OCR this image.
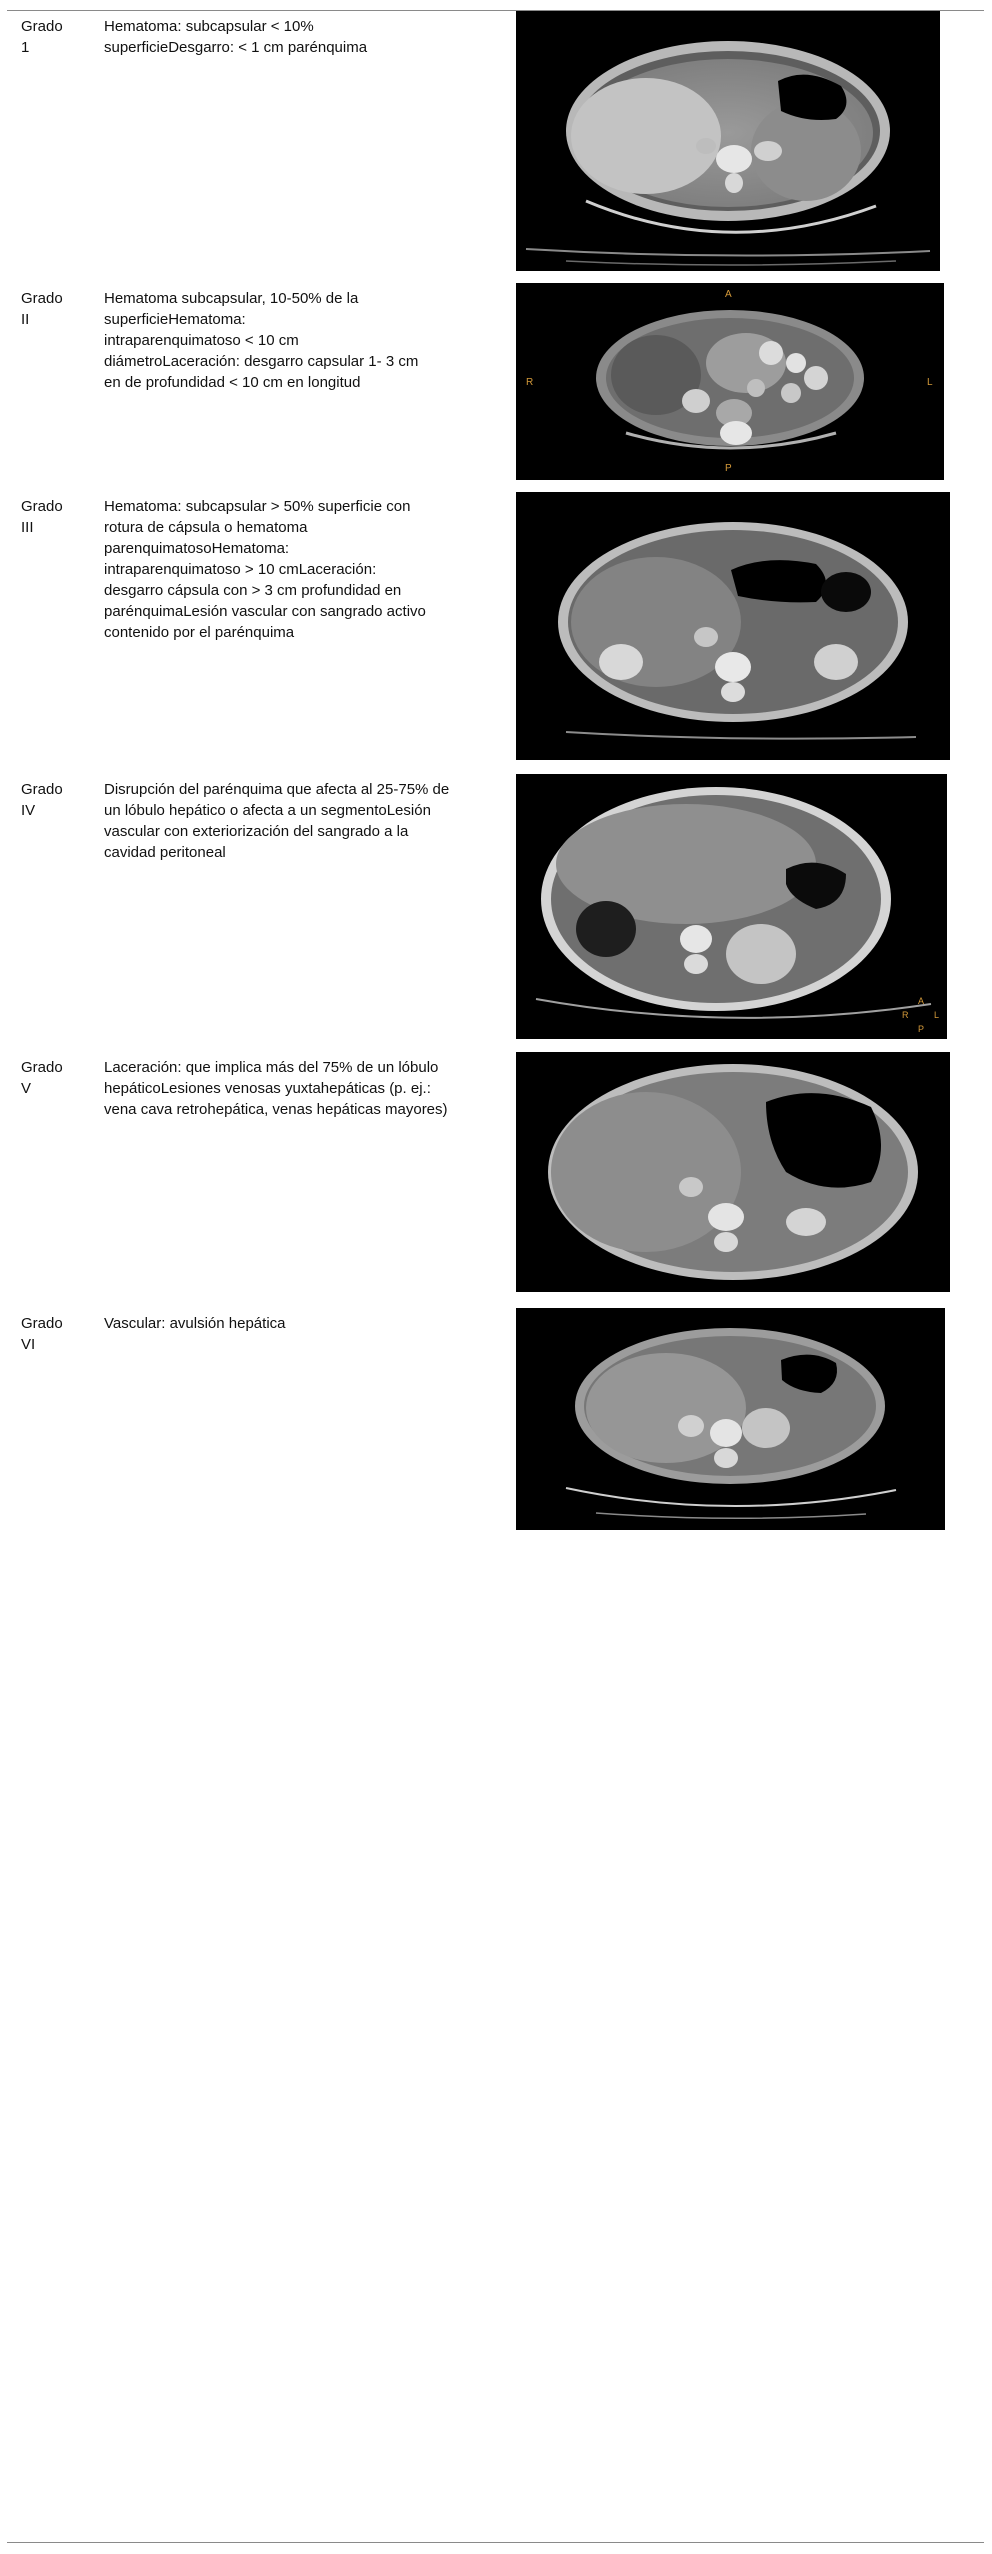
Grado
1
Hematoma: subcapsular < 10%
superficieDesgarro: < 1 cm parénquima
Grado
II
Hematoma subcapsular, 10-50% de la
superficieHematoma:
intraparenquimatoso < 10 cm
diámetroLaceración: desgarro capsular 1- 3 cm
en de profundidad < 10 cm en longitud
A
R	L
P
Grado
III
Hematoma: subcapsular > 50% superficie con
rotura de cápsula o hematoma
parenquimatosoHematoma:
intraparenquimatoso > 10 cmLaceración:
desgarro cápsula con > 3 cm profundidad en
parénquimaLesión vascular con sangrado activo
contenido por el parénquima
Grado
IV
Disrupción del parénquima que afecta al 25-75% de
un lóbulo hepático o afecta a un segmentoLesión
vascular con exteriorización del sangrado a la
cavidad peritoneal
A
R	L
P
Grado
V
Laceración: que implica más del 75% de un lóbulo
hepáticoLesiones venosas yuxtahepáticas (p. ej.:
vena cava retrohepática, venas hepáticas mayores)
Grado
VI
Vascular: avulsión hepática
